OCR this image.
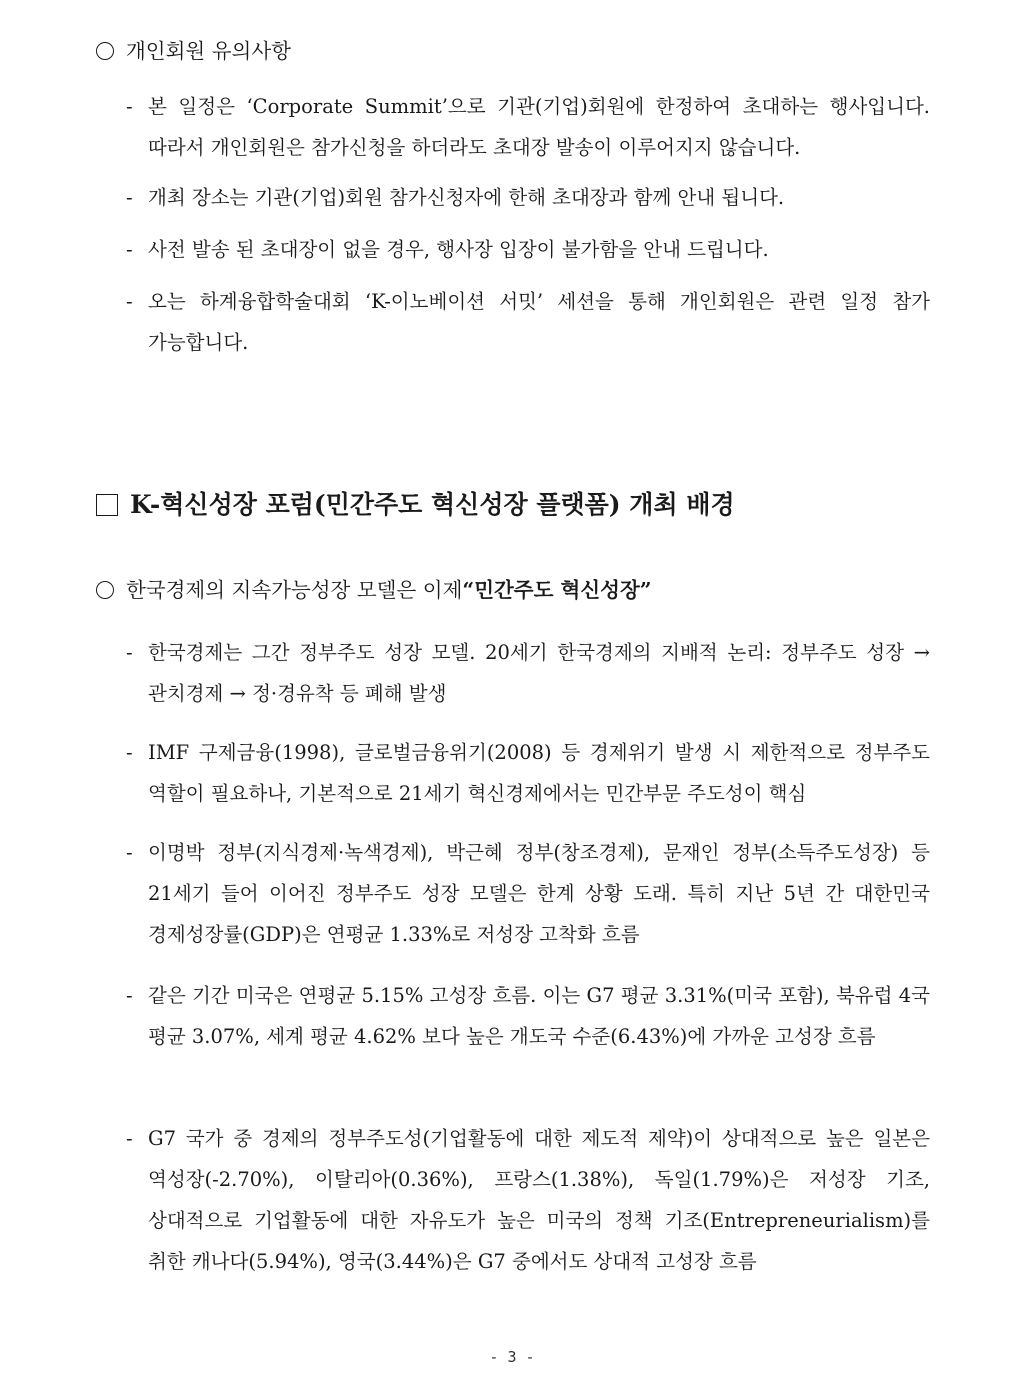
개인회원 유의사항
- 본 일정은 ‘Corporate Summit’으로 기관(기업)회원에 한정하여 초대하는 행사입니다. 따라서 개인회원은 참가신청을 하더라도 초대장 발송이 이루어지지 않습니다.
- 개최 장소는 기관(기업)회원 참가신청자에 한해 초대장과 함께 안내 됩니다.
- 사전 발송 된 초대장이 없을 경우, 행사장 입장이 불가함을 안내 드립니다.
- 오는 하계융합학술대회 ‘K-이노베이션 서밋’ 세션을 통해 개인회원은 관련 일정 참가 가능합니다.
K-혁신성장 포럼(민간주도 혁신성장 플랫폼) 개최 배경
한국경제의 지속가능성장 모델은 이제 “민간주도 혁신성장”
- 한국경제는 그간 정부주도 성장 모델. 20세기 한국경제의 지배적 논리: 정부주도 성장 → 관치경제 → 정·경유착 등 폐해 발생
- IMF 구제금융(1998), 글로벌금융위기(2008) 등 경제위기 발생 시 제한적으로 정부주도 역할이 필요하나, 기본적으로 21세기 혁신경제에서는 민간부문 주도성이 핵심
- 이명박 정부(지식경제·녹색경제), 박근혜 정부(창조경제), 문재인 정부(소득주도성장) 등 21세기 들어 이어진 정부주도 성장 모델은 한계 상황 도래. 특히 지난 5년 간 대한민국 경제성장률(GDP)은 연평균 1.33%로 저성장 고착화 흐름
- 같은 기간 미국은 연평균 5.15% 고성장 흐름. 이는 G7 평균 3.31%(미국 포함), 북유럽 4국 평균 3.07%, 세계 평균 4.62% 보다 높은 개도국 수준(6.43%)에 가까운 고성장 흐름
- G7 국가 중 경제의 정부주도성(기업활동에 대한 제도적 제약)이 상대적으로 높은 일본은 역성장(-2.70%), 이탈리아(0.36%), 프랑스(1.38%), 독일(1.79%)은 저성장 기조, 상대적으로 기업활동에 대한 자유도가 높은 미국의 정책 기조(Entrepreneurialism)를 취한 캐나다(5.94%), 영국(3.44%)은 G7 중에서도 상대적 고성장 흐름
- 3 -
